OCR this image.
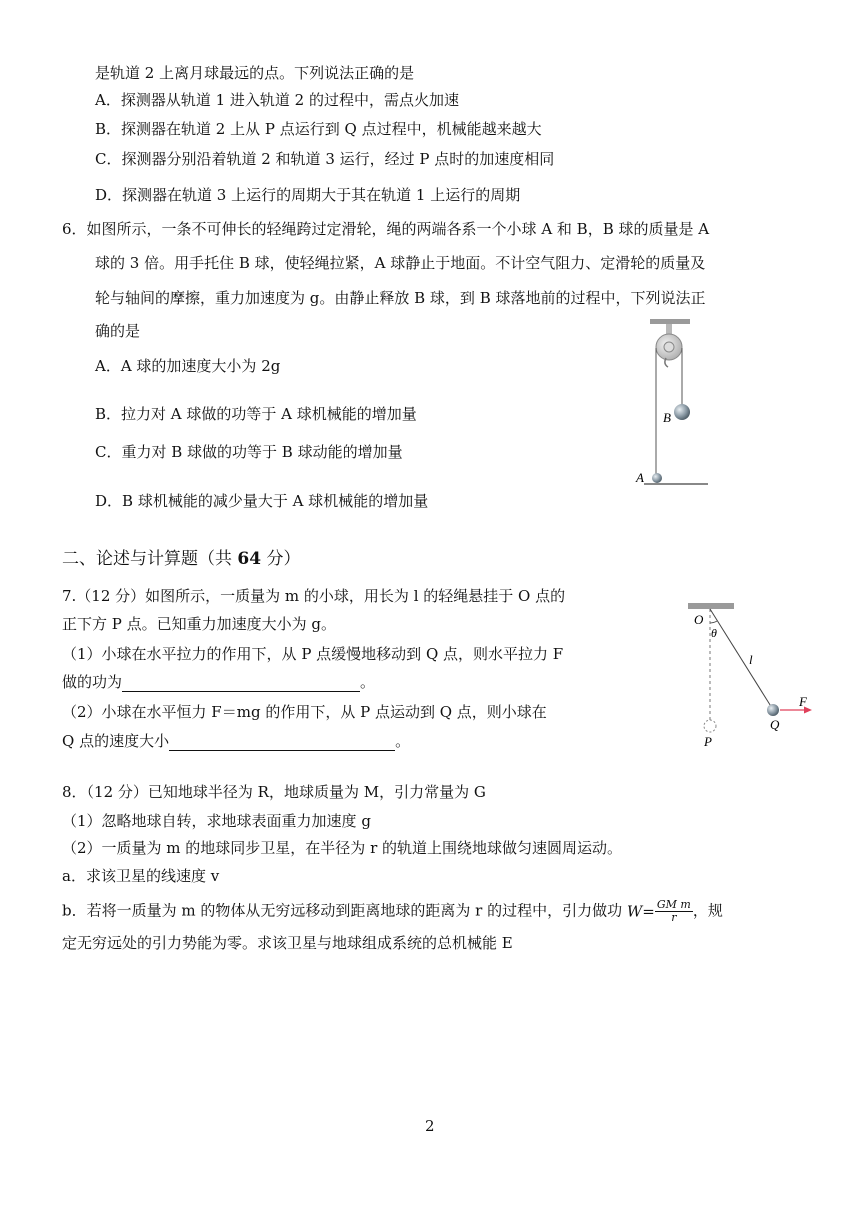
是轨道 2 上离月球最远的点。下列说法正确的是
A．探测器从轨道 1 进入轨道 2 的过程中，需点火加速
B．探测器在轨道 2 上从 P 点运行到 Q 点过程中，机械能越来越大
C．探测器分别沿着轨道 2 和轨道 3 运行，经过 P 点时的加速度相同
D．探测器在轨道 3 上运行的周期大于其在轨道 1 上运行的周期
6．如图所示，一条不可伸长的轻绳跨过定滑轮，绳的两端各系一个小球 A 和 B，B 球的质量是 A
球的 3 倍。用手托住 B 球，使轻绳拉紧，A 球静止于地面。不计空气阻力、定滑轮的质量及
轮与轴间的摩擦，重力加速度为 g。由静止释放 B 球，到 B 球落地前的过程中，下列说法正
确的是
A．A 球的加速度大小为 2g
B．拉力对 A 球做的功等于 A 球机械能的增加量
C．重力对 B 球做的功等于 B 球动能的增加量
D．B 球机械能的减少量大于 A 球机械能的增加量
B
A
二、论述与计算题（共 64 分）
7.（12 分）如图所示，一质量为 m 的小球，用长为 l 的轻绳悬挂于 O 点的
正下方 P 点。已知重力加速度大小为 g。
（1）小球在水平拉力的作用下，从 P 点缓慢地移动到 Q 点，则水平拉力 F
做的功为	。
（2）小球在水平恒力 F＝mg 的作用下，从 P 点运动到 Q 点，则小球在
Q 点的速度大小	。
O
θ
l
F
Q
P
8．（12 分）已知地球半径为 R，地球质量为 M，引力常量为 G
（1）忽略地球自转，求地球表面重力加速度 g
（2）一质量为 m 的地球同步卫星，在半径为 r 的轨道上围绕地球做匀速圆周运动。
a．求该卫星的线速度 v
b．若将一质量为 m 的物体从无穷远移动到距离地球的距离为 r 的过程中，引力做功 $W= \frac{\text{GM m}}{r}$ ，规
定无穷远处的引力势能为零。求该卫星与地球组成系统的总机械能 E
2
